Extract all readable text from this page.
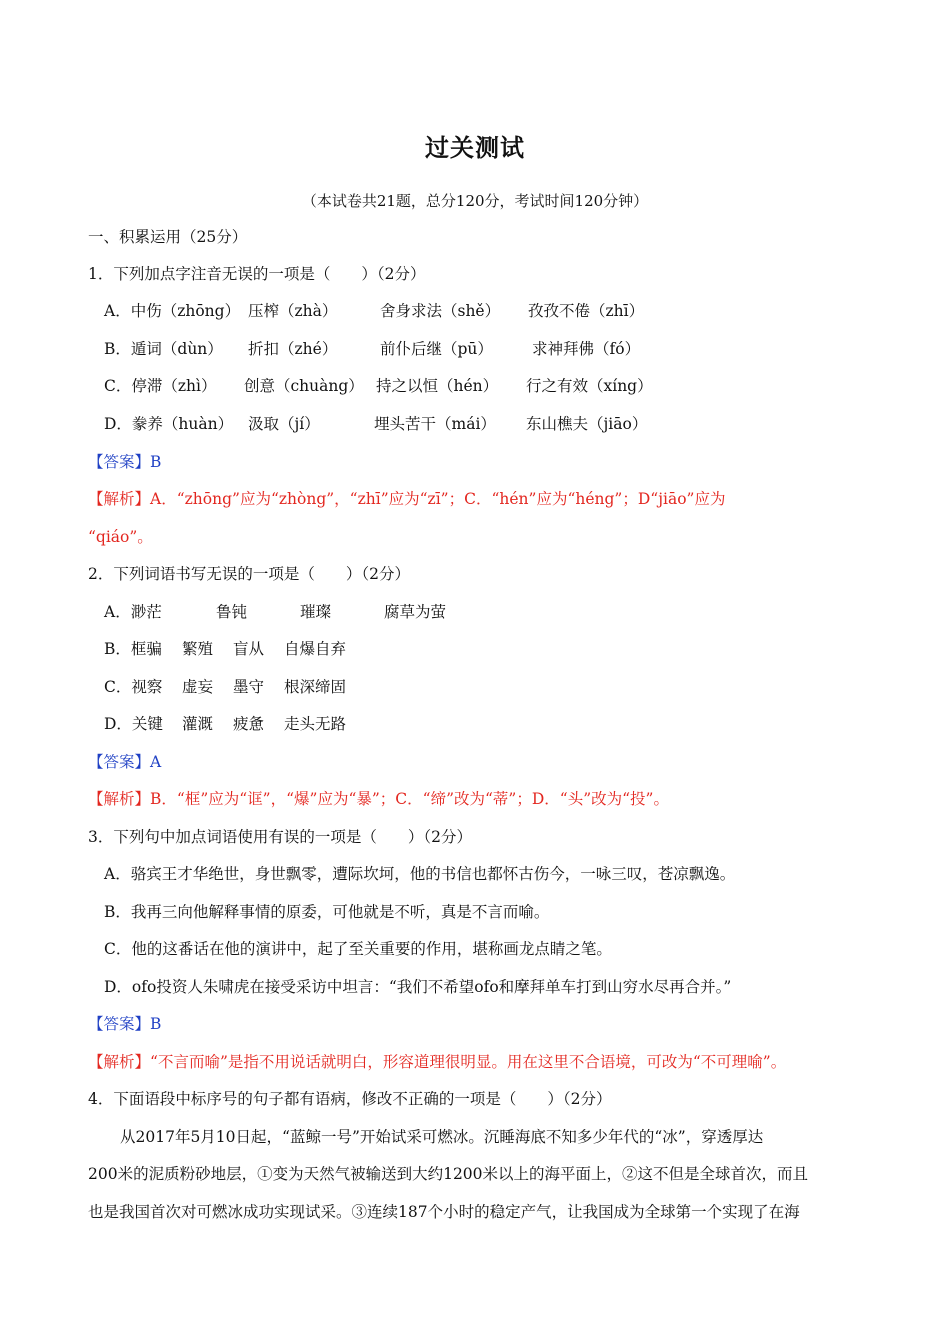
过关测试
（本试卷共21题，总分120分，考试时间120分钟）
一、积累运用（25分）
1．下列加点字注音无误的一项是（　　）（2分）
A．中伤（zhōng） 压榨（zhà）	舍身求法（shě） 孜孜不倦（zhī）
B．遁词（dùn） 折扣（zhé）	前仆后继（pū）	求神拜佛（fó）
C．停滞（zhì） 创意（chuàng） 持之以恒（hén） 行之有效（xíng）
D．豢养（huàn） 汲取（jí）	埋头苦干（mái） 东山樵夫（jiāo）
【答案】B
【解析】A．“zhōng”应为“zhòng”，“zhī”应为“zī”；C．“hén”应为“héng”；D“jiāo”应为
“qiáo”。
2．下列词语书写无误的一项是（　　）（2分）
A．渺茫	鲁钝	璀璨	腐草为萤
B．框骗 繁殖 盲从 自爆自弃
C．视察 虚妄 墨守 根深缔固
D．关键 灌溉 疲惫 走头无路
【答案】A
【解析】B．“框”应为“诓”，“爆”应为“暴”；C．“缔”改为“蒂”；D．“头”改为“投”。
3．下列句中加点词语使用有误的一项是（　　）（2分）
A．骆宾王才华绝世，身世飘零，遭际坎坷，他的书信也都怀古伤今，一咏三叹，苍凉飘逸。
B．我再三向他解释事情的原委，可他就是不听，真是不言而喻。
C．他的这番话在他的演讲中，起了至关重要的作用，堪称画龙点睛之笔。
D．ofo投资人朱啸虎在接受采访中坦言：“我们不希望ofo和摩拜单车打到山穷水尽再合并。”
【答案】B
【解析】“不言而喻”是指不用说话就明白，形容道理很明显。用在这里不合语境，可改为“不可理喻”。
4．下面语段中标序号的句子都有语病，修改不正确的一项是（　　）（2分）
从2017年5月10日起，“蓝鲸一号”开始试采可燃冰。沉睡海底不知多少年代的“冰”，穿透厚达
200米的泥质粉砂地层，①变为天然气被输送到大约1200米以上的海平面上，②这不但是全球首次，而且
也是我国首次对可燃冰成功实现试采。③连续187个小时的稳定产气，让我国成为全球第一个实现了在海
